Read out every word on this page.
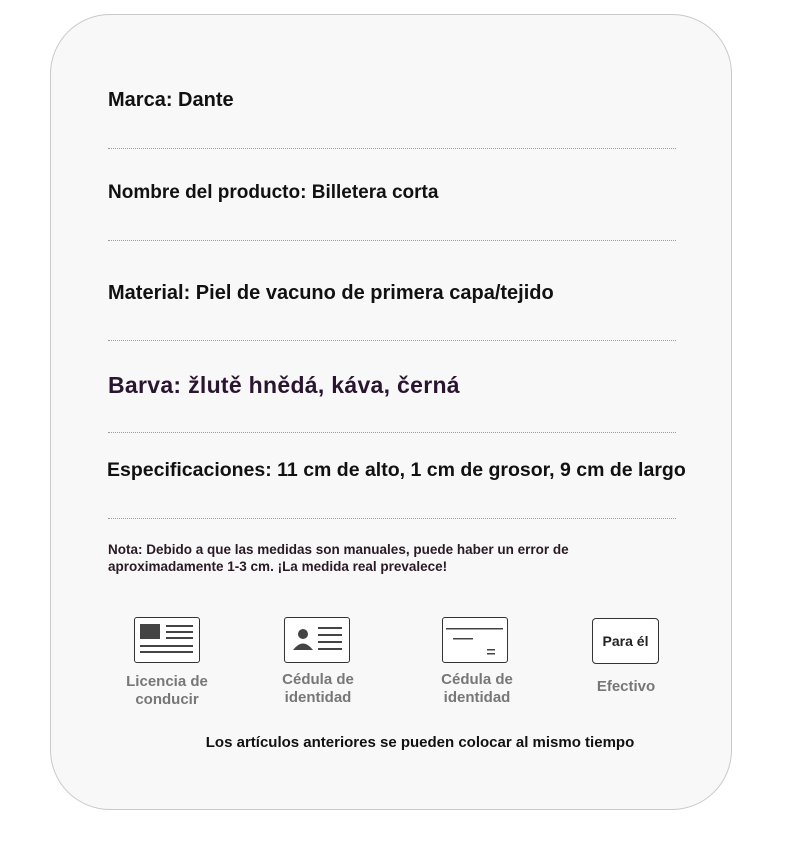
Marca: Dante
Nombre del producto: Billetera corta
Material: Piel de vacuno de primera capa/tejido
Barva: žlutě hnědá, káva, černá
Especificaciones: 11 cm de alto, 1 cm de grosor, 9 cm de largo
Nota: Debido a que las medidas son manuales, puede haber un error de aproximadamente 1-3 cm. ¡La medida real prevalece!
Licencia de
conducir
Cédula de
identidad
Cédula de
identidad
Para él
Efectivo
Los artículos anteriores se pueden colocar al mismo tiempo
